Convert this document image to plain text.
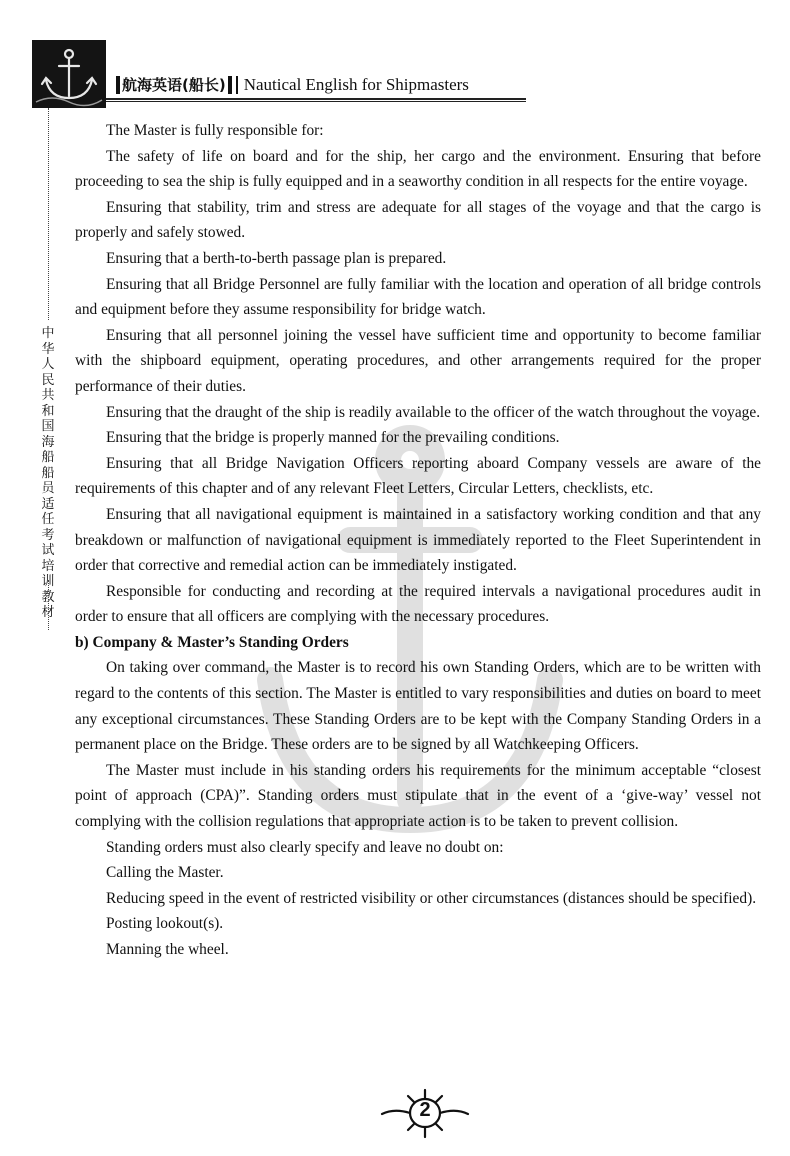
航海英语(船长) Nautical English for Shipmasters
中华人民共和国海船船员适任考试培训教材

The Master is fully responsible for:

The safety of life on board and for the ship, her cargo and the environment. Ensuring that before proceeding to sea the ship is fully equipped and in a seaworthy condition in all respects for the entire voyage.

Ensuring that stability, trim and stress are adequate for all stages of the voyage and that the cargo is properly and safely stowed.

Ensuring that a berth-to-berth passage plan is prepared.

Ensuring that all Bridge Personnel are fully familiar with the location and operation of all bridge controls and equipment before they assume responsibility for bridge watch.

Ensuring that all personnel joining the vessel have sufficient time and opportunity to become familiar with the shipboard equipment, operating procedures, and other arrangements required for the proper performance of their duties.

Ensuring that the draught of the ship is readily available to the officer of the watch throughout the voyage.

Ensuring that the bridge is properly manned for the prevailing conditions.

Ensuring that all Bridge Navigation Officers reporting aboard Company vessels are aware of the requirements of this chapter and of any relevant Fleet Letters, Circular Letters, checklists, etc.

Ensuring that all navigational equipment is maintained in a satisfactory working condition and that any breakdown or malfunction of navigational equipment is immediately reported to the Fleet Superintendent in order that corrective and remedial action can be immediately instigated.

Responsible for conducting and recording at the required intervals a navigational procedures audit in order to ensure that all officers are complying with the necessary procedures.

b) Company & Master’s Standing Orders

On taking over command, the Master is to record his own Standing Orders, which are to be written with regard to the contents of this section. The Master is entitled to vary responsibilities and duties on board to meet any exceptional circumstances. These Standing Orders are to be kept with the Company Standing Orders in a permanent place on the Bridge. These orders are to be signed by all Watchkeeping Officers.

The Master must include in his standing orders his requirements for the minimum acceptable “closest point of approach (CPA)”. Standing orders must stipulate that in the event of a ‘give-way’ vessel not complying with the collision regulations that appropriate action is to be taken to prevent collision.

Standing orders must also clearly specify and leave no doubt on:

Calling the Master.

Reducing speed in the event of restricted visibility or other circumstances (distances should be specified).

Posting lookout(s).

Manning the wheel.

2
